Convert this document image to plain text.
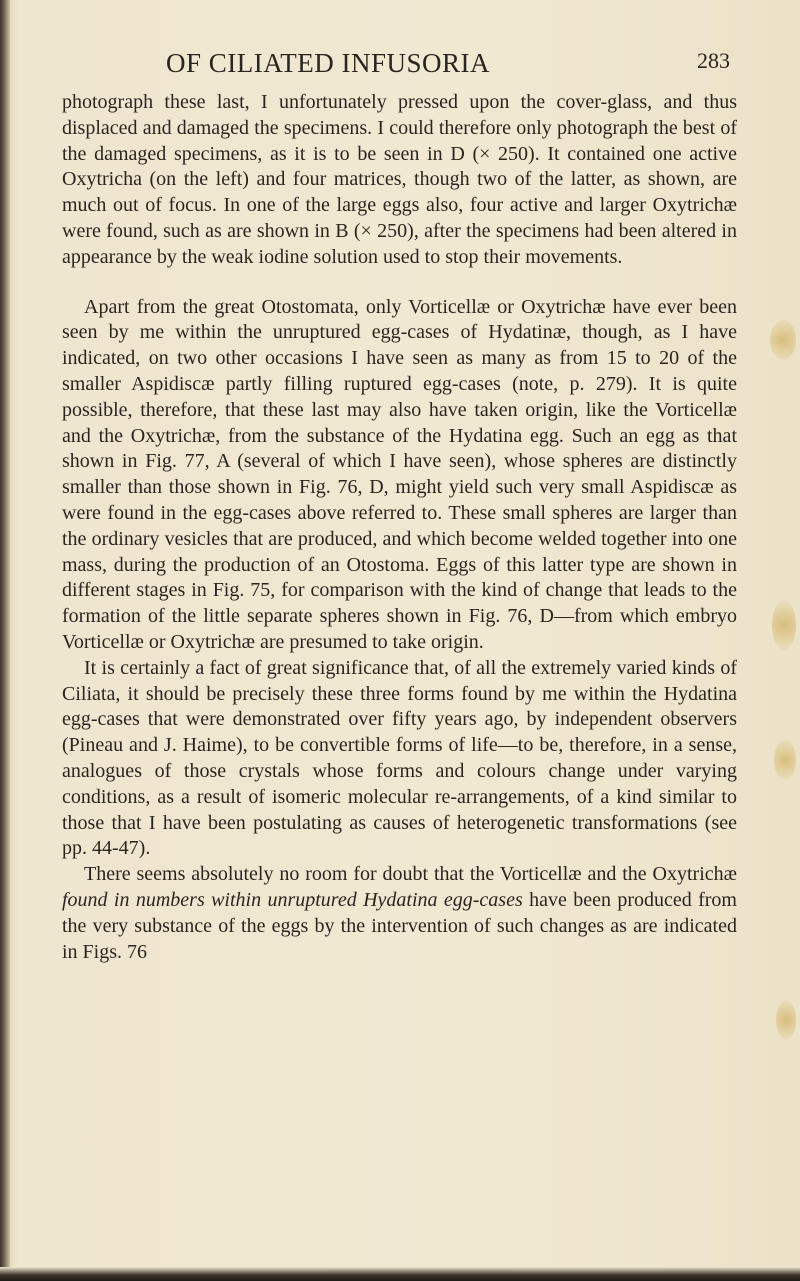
OF CILIATED INFUSORIA	283

photograph these last, I unfortunately pressed upon the cover-glass, and thus displaced and damaged the specimens. I could therefore only photograph the best of the damaged specimens, as it is to be seen in D (× 250). It contained one active Oxytricha (on the left) and four matrices, though two of the latter, as shown, are much out of focus. In one of the large eggs also, four active and larger Oxytrichæ were found, such as are shown in B (× 250), after the specimens had been altered in appearance by the weak iodine solution used to stop their movements.

Apart from the great Otostomata, only Vorticellæ or Oxytrichæ have ever been seen by me within the unruptured egg-cases of Hydatinæ, though, as I have indicated, on two other occasions I have seen as many as from 15 to 20 of the smaller Aspidiscæ partly filling ruptured egg-cases (note, p. 279). It is quite possible, therefore, that these last may also have taken origin, like the Vorticellæ and the Oxytrichæ, from the substance of the Hydatina egg. Such an egg as that shown in Fig. 77, A (several of which I have seen), whose spheres are distinctly smaller than those shown in Fig. 76, D, might yield such very small Aspidiscæ as were found in the egg-cases above referred to. These small spheres are larger than the ordinary vesicles that are produced, and which become welded together into one mass, during the production of an Otostoma. Eggs of this latter type are shown in different stages in Fig. 75, for comparison with the kind of change that leads to the formation of the little separate spheres shown in Fig. 76, D—from which embryo Vorticellæ or Oxytrichæ are presumed to take origin.

It is certainly a fact of great significance that, of all the extremely varied kinds of Ciliata, it should be precisely these three forms found by me within the Hydatina egg-cases that were demonstrated over fifty years ago, by independent observers (Pineau and J. Haime), to be convertible forms of life—to be, therefore, in a sense, analogues of those crystals whose forms and colours change under varying conditions, as a result of isomeric molecular re-arrangements, of a kind similar to those that I have been postulating as causes of heterogenetic transformations (see pp. 44-47).

There seems absolutely no room for doubt that the Vorticellæ and the Oxytrichæ found in numbers within unruptured Hydatina egg-cases have been produced from the very substance of the eggs by the intervention of such changes as are indicated in Figs. 76
